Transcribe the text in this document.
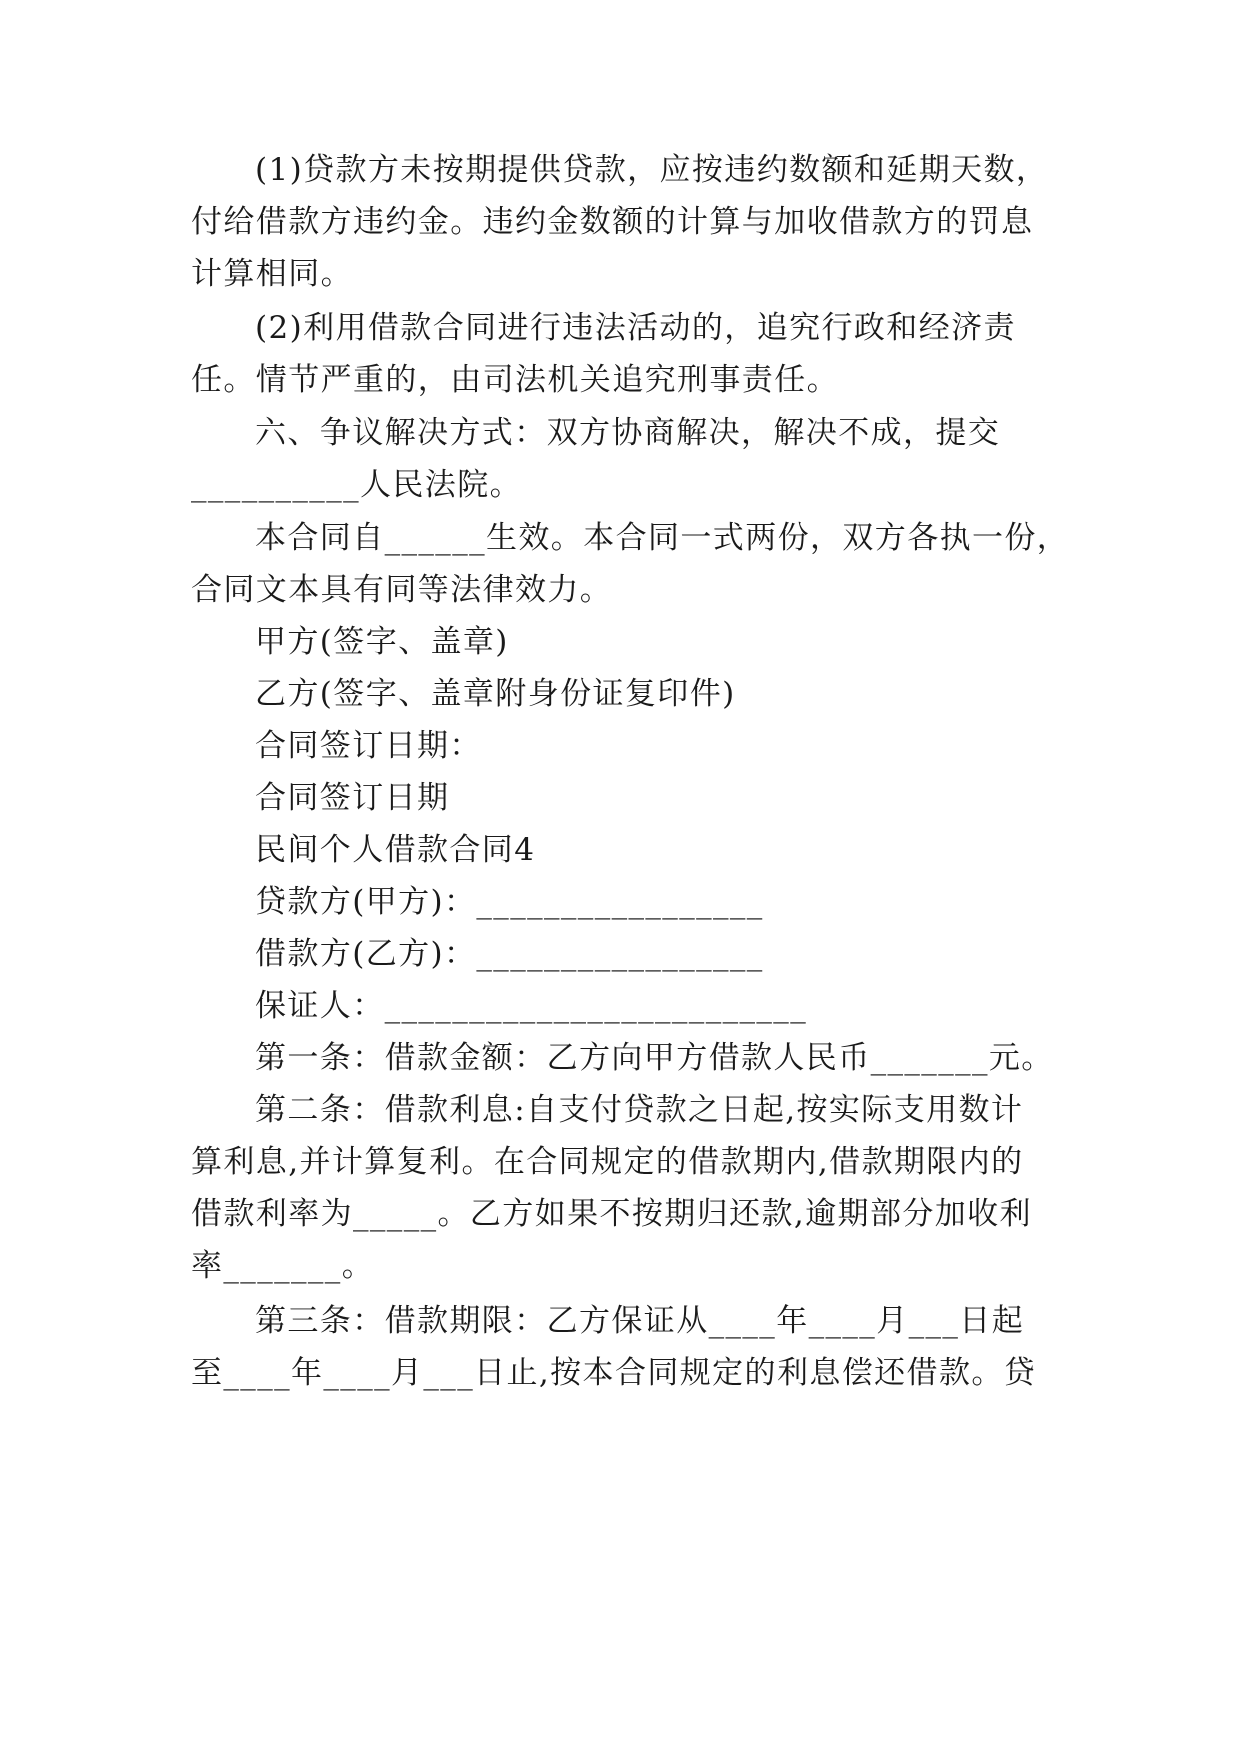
(1)贷款方未按期提供贷款，应按违约数额和延期天数，
付给借款方违约金。违约金数额的计算与加收借款方的罚息
计算相同。
(2)利用借款合同进行违法活动的，追究行政和经济责
任。情节严重的，由司法机关追究刑事责任。
六、争议解决方式：双方协商解决，解决不成，提交
__________人民法院。
本合同自______生效。本合同一式两份，双方各执一份，
合同文本具有同等法律效力。
甲方(签字、盖章)
乙方(签字、盖章附身份证复印件)
合同签订日期：
合同签订日期
民间个人借款合同4
贷款方(甲方)：_________________
借款方(乙方)：_________________
保证人：_________________________
第一条：借款金额：乙方向甲方借款人民币_______元。
第二条：借款利息:自支付贷款之日起,按实际支用数计
算利息,并计算复利。在合同规定的借款期内,借款期限内的
借款利率为_____。乙方如果不按期归还款,逾期部分加收利
率_______。
第三条：借款期限：乙方保证从____年____月___日起
至____年____月___日止,按本合同规定的利息偿还借款。贷
